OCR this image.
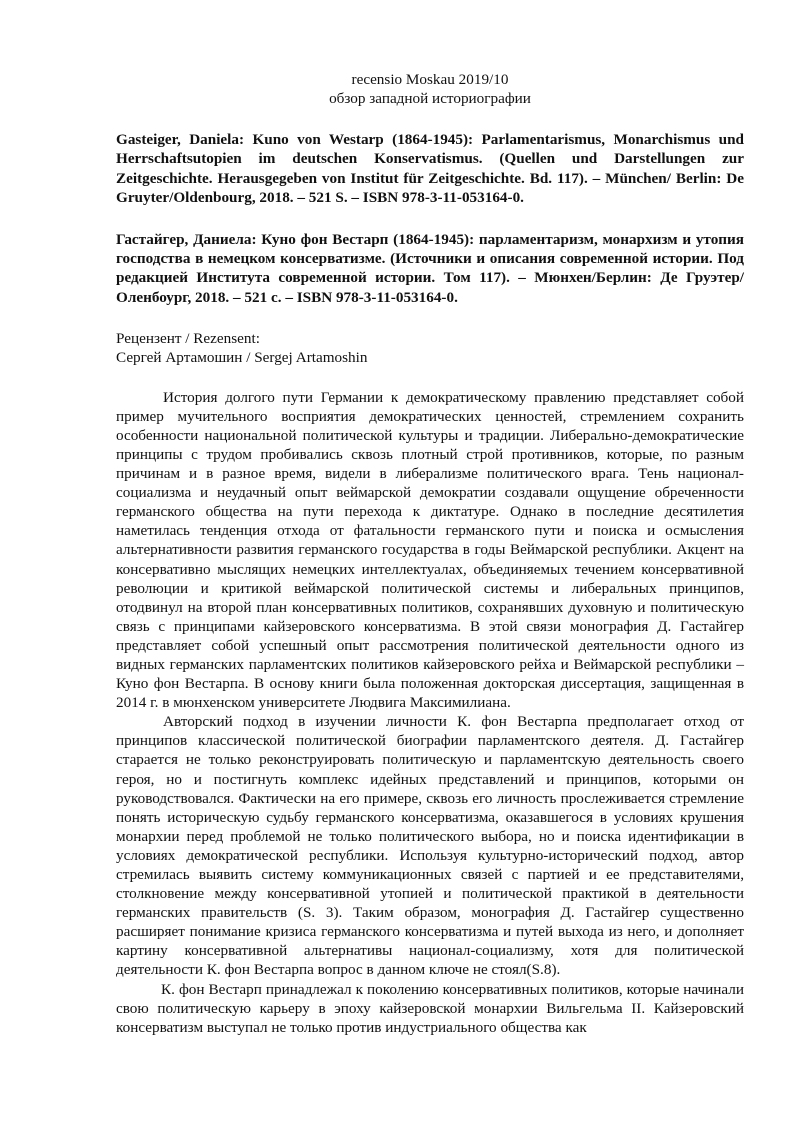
recensio Moskau 2019/10
обзор западной историографии
Gasteiger, Daniela: Kuno von Westarp (1864-1945): Parlamentarismus, Monarchismus und Herrschaftsutopien im deutschen Konservatismus. (Quellen und Darstellungen zur Zeitgeschichte. Herausgegeben von Institut für Zeitgeschichte. Bd. 117). – München/ Berlin: De Gruyter/Oldenbourg, 2018. – 521 S. – ISBN 978-3-11-053164-0.
Гастайгер, Даниела: Куно фон Вестарп (1864-1945): парламентаризм, монархизм и утопия господства в немецком консерватизме. (Источники и описания современной истории. Под редакцией Института современной истории. Том 117). – Мюнхен/Берлин: Де Груэтер/Оленбоург, 2018. – 521 с. – ISBN 978-3-11-053164-0.
Рецензент / Rezensent:
Сергей Артамошин / Sergej Artamoshin

История долгого пути Германии к демократическому правлению представляет собой пример мучительного восприятия демократических ценностей, стремлением сохранить особенности национальной политической культуры и традиции. Либерально-демократические принципы с трудом пробивались сквозь плотный строй противников, которые, по разным причинам и в разное время, видели в либерализме политического врага. Тень национал-социализма и неудачный опыт веймарской демократии создавали ощущение обреченности германского общества на пути перехода к диктатуре. Однако в последние десятилетия наметилась тенденция отхода от фатальности германского пути и поиска и осмысления альтернативности развития германского государства в годы Веймарской республики. Акцент на консервативно мыслящих немецких интеллектуалах, объединяемых течением консервативной революции и критикой веймарской политической системы и либеральных принципов, отодвинул на второй план консервативных политиков, сохранявших духовную и политическую связь с принципами кайзеровского консерватизма. В этой связи монография Д. Гастайгер представляет собой успешный опыт рассмотрения политической деятельности одного из видных германских парламентских политиков кайзеровского рейха и Веймарской республики – Куно фон Вестарпа. В основу книги была положенная докторская диссертация, защищенная в 2014 г. в мюнхенском университете Людвига Максимилиана.

Авторский подход в изучении личности К. фон Вестарпа предполагает отход от принципов классической политической биографии парламентского деятеля. Д. Гастайгер старается не только реконструировать политическую и парламентскую деятельность своего героя, но и постигнуть комплекс идейных представлений и принципов, которыми он руководствовался. Фактически на его примере, сквозь его личность прослеживается стремление понять историческую судьбу германского консерватизма, оказавшегося в условиях крушения монархии перед проблемой не только политического выбора, но и поиска идентификации в условиях демократической республики. Используя культурно-исторический подход, автор стремилась выявить систему коммуникационных связей с партией и ее представителями, столкновение между консервативной утопией и политической практикой в деятельности германских правительств (S. 3). Таким образом, монография Д. Гастайгер существенно расширяет понимание кризиса германского консерватизма и путей выхода из него, и дополняет картину консервативной альтернативы национал-социализму, хотя для политической деятельности К. фон Вестарпа вопрос в данном ключе не стоял(S.8).

К. фон Вестарп принадлежал к поколению консервативных политиков, которые начинали свою политическую карьеру в эпоху кайзеровской монархии Вильгельма II. Кайзеровский консерватизм выступал не только против индустриального общества как
